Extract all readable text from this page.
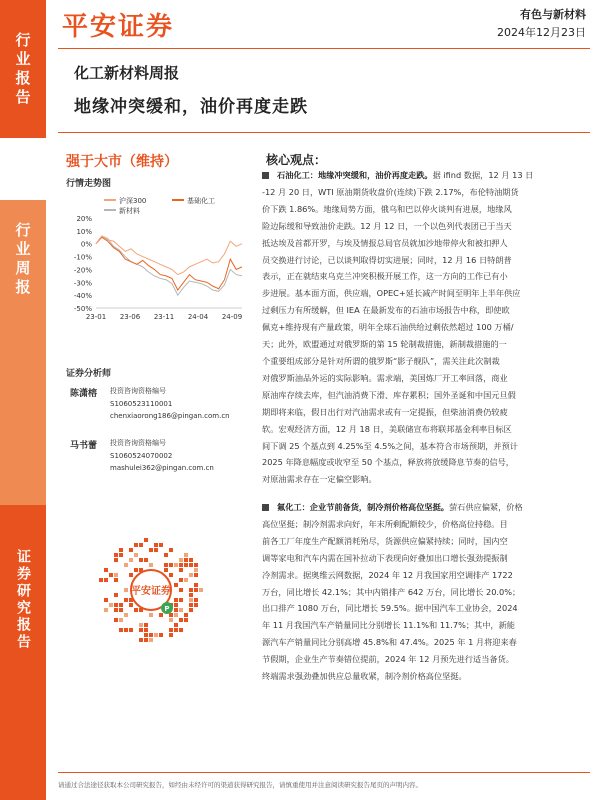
行业报告
行业周报
证券研究报告
平安证券	有色与新材料
2024年12月23日
化工新材料周报
地缘冲突缓和，油价再度走跌
强于大市（维持）
行情走势图
沪深300	基础化工
新材料
20%
10%
0%
-10%
-20%
-30%
-40%
-50%
23-01 23-06 23-11 24-04 24-09
证券分析师
陈潇榕 投资咨询资格编号
S1060523110001
chenxiaorong186@pingan.com.cn
马书蕾 投资咨询资格编号
S1060524070002
mashulei362@pingan.com.cn
平安证券
P
核心观点：
石油化工：地缘冲突缓和，油价再度走跌。据 ifind 数据，12 月 13 日
-12 月 20 日，WTI 原油期货收盘价(连续)下跌 2.17%，布伦特油期货
价下跌 1.86%。地缘局势方面，俄乌和巴以停火谈判有进展，地缘风
险边际缓和导致油价走跌。12 月 12 日，一个以色列代表团已于当天
抵达埃及首都开罗，与埃及情报总局官员就加沙地带停火和被扣押人
员交换进行讨论，已以谈判取得切实进展；同时，12 月 16 日特朗普
表示，正在就结束乌克兰冲突积极开展工作，这一方向的工作已有小
步进展。基本面方面，供应端，OPEC+延长减产时间至明年上半年供应
过剩压力有所缓解，但 IEA 在最新发布的石油市场报告中称，即使欧
佩克+维持现有产量政策，明年全球石油供给过剩依然超过 100 万桶/
天；此外，欧盟通过对俄罗斯的第 15 轮制裁措施，新制裁措施的一
个重要组成部分是针对所谓的俄罗斯“影子舰队”，需关注此次制裁
对俄罗斯油品外运的实际影响。需求端，美国炼厂开工率回落，商业
原油库存续去库，但汽油消费下滑、库存累积；国外圣诞和中国元旦假
期即将来临，假日出行对汽油需求或有一定提振，但柴油消费仍较疲
软。宏观经济方面，12 月 18 日，美联储宣布将联邦基金利率目标区
间下调 25 个基点到 4.25%至 4.5%之间，基本符合市场预期，并预计
2025 年降息幅度或收窄至 50 个基点，释放将放缓降息节奏的信号，
对原油需求存在一定偏空影响。
氟化工：企业节前备货，制冷剂价格高位坚挺。萤石供应偏紧，价格
高位坚挺；制冷剂需求向好，年末所剩配额较少，价格高位持稳。目
前各工厂年度生产配额消耗殆尽，货源供应偏紧持续；同时，国内空
调等家电和汽车内需在国补拉动下表现向好叠加出口增长强劲提振制
冷剂需求。据奥维云网数据，2024 年 12 月我国家用空调排产 1722
万台，同比增长 42.1%；其中内销排产 642 万台，同比增长 20.0%；
出口排产 1080 万台，同比增长 59.5%。据中国汽车工业协会，2024
年 11 月我国汽车产销量同比分别增长 11.1%和 11.7%；其中，新能
源汽车产销量同比分别高增 45.8%和 47.4%。2025 年 1 月将迎来春
节假期，企业生产节奏错位提前，2024 年 12 月预先进行适当备货。
终端需求强劲叠加供应总量收紧，制冷剂价格高位坚挺。
请通过合法途径获取本公司研究报告，如经由未经许可的渠道获得研究报告，请慎重使用并注意阅读研究报告尾页的声明内容。
